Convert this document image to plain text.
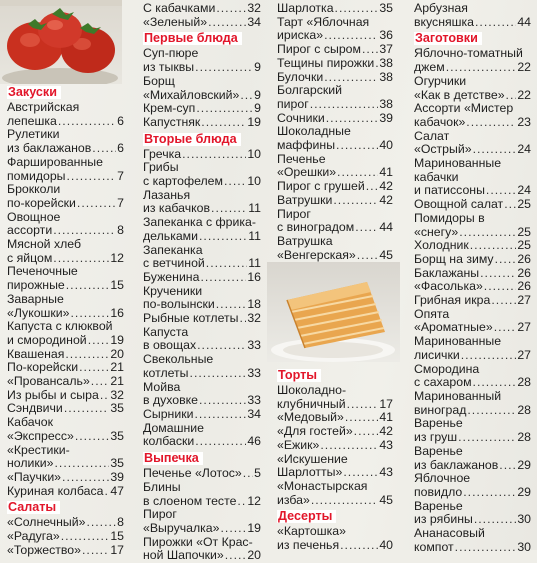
Закуски
Австрийская
лепешка .....	6
Рулетики
из баклажанов ..... 6
Фаршированные
помидоры .....	7
Брокколи
по-корейски .....	7
Овощное
ассорти .....	8
Мясной хлеб
с яйцом .....	12
Печеночные
пирожные .....	15
Заварные
«Лукошки» .....	16
Капуста с клюквой
и смородиной ..... 19
Квашеная .....	20
По-корейски .....	21
«Провансаль» ..... 21
Из рыбы и сыра ..... 32
Сэндвичи .....	35
Кабачок
«Экспресс» .....	35
«Крестики-
нолики» .....	35
«Паучки» .....	39
Куриная колбаса ..... 47
Салаты
«Солнечный» .....	8
«Радуга» .....	15
«Торжество» ..... 17
С кабачками .....	32
«Зеленый» .....	34
Первые блюда
Суп-пюре
из тыквы .....	9
Борщ
«Михайловский» ..... 9
Крем-суп .....	9
Капустняк .....	19
Вторые блюда
Гречка .....	10
Грибы
с картофелем ..... 10
Лазанья
из кабачков .....	11
Запеканка с фрика-
дельками .....	11
Запеканка
с ветчиной .....	11
Буженина .....	16
Крученики
по-волынски .....	18
Рыбные котлеты ..... 32
Капуста
в овощах .....	33
Свекольные
котлеты .....	33
Мойва
в духовке .....	33
Сырники .....	34
Домашние
колбаски .....	46
Выпечка
Печенье «Лотос» ..... 5
Блины
в слоеном тесте ..... 12
Пирог
«Выручалка» ..... 19
Пирожки «От Крас-
ной Шапочки» ..... 20
Шарлотка .....	35
Тарт «Яблочная
ириска» .....	36
Пирог с сыром ..... 37
Тещины пирожки ..... 38
Булочки .....	38
Болгарский
пирог .....	38
Сочники .....	39
Шоколадные
маффины .....	40
Печенье
«Орешки» .....	41
Пирог с грушей ..... 42
Ватрушки .....	42
Пирог
с виноградом ..... 44
Ватрушка
«Венгерская» ..... 45
Торты
Шоколадно-
клубничный .....	17
«Медовый» .....	41
«Для гостей» ..... 42
«Ежик» .....	43
«Искушение
Шарлотты» .....	43
«Монастырская
изба» .....	45
Десерты
«Картошка»
из печенья .....	40
Арбузная
вкусняшка .....	44
Заготовки
Яблочно-томатный
джем .....	22
Огурчики
«Как в детстве» ..... 22
Ассорти «Мистер
кабачок» .....	23
Салат
«Острый» .....	24
Маринованные
кабачки
и патиссоны .....	24
Овощной салат ..... 25
Помидоры в
«снегу» .....	25
Холодник .....	25
Борщ на зиму ..... 26
Баклажаны .....	26
«Фасолька» .....	26
Грибная икра ..... 27
Опята
«Ароматные» ..... 27
Маринованные
лисички .....	27
Смородина
с сахаром .....	28
Маринованный
виноград .....	28
Варенье
из груш .....	28
Варенье
из баклажанов ..... 29
Яблочное
повидло .....	29
Варенье
из рябины .....	30
Ананасовый
компот .....	30
